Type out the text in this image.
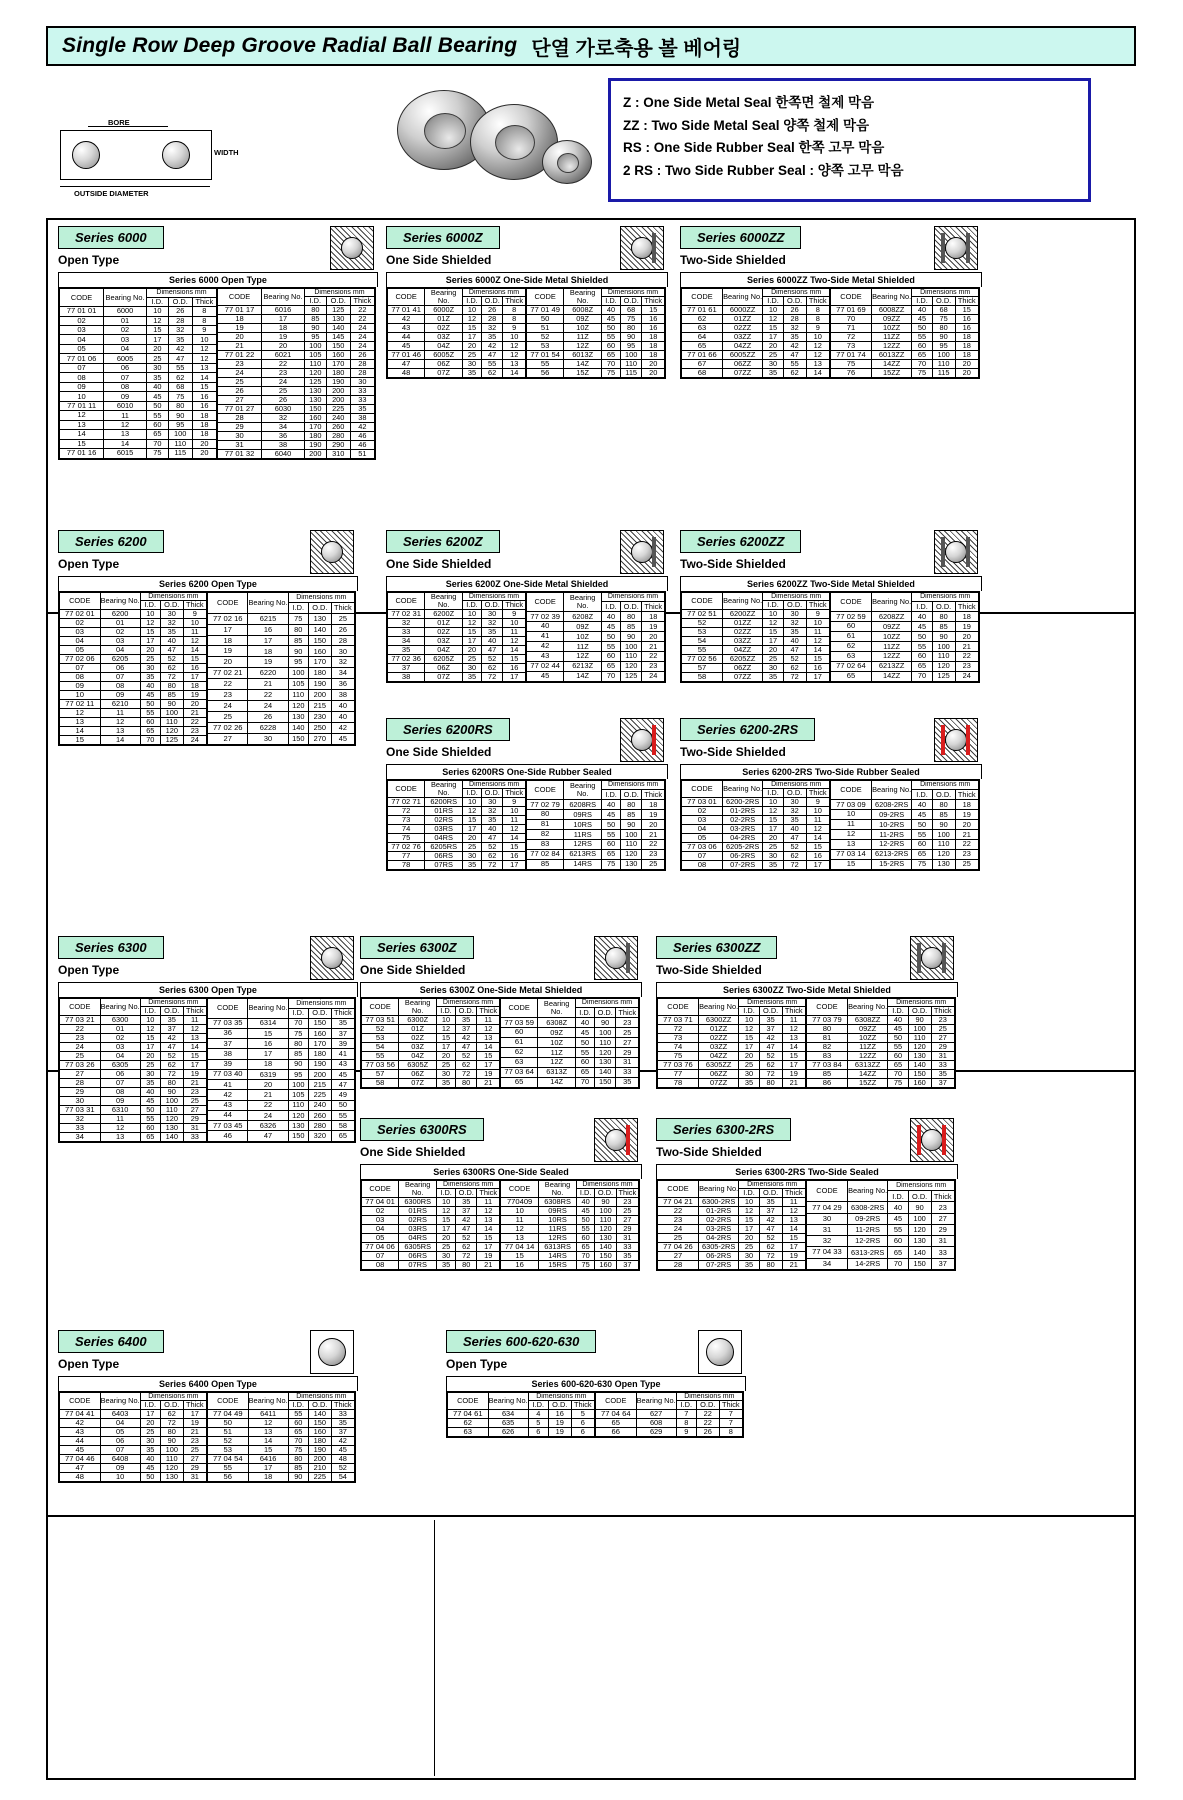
Single Row Deep Groove Radial Ball Bearing 단열 가로축용 볼 베어링
BORE
WIDTH
OUTSIDE DIAMETER
Z : One Side Metal Seal 한쪽면 철제 막음
ZZ : Two Side Metal Seal 양쪽 철제 막음
RS : One Side Rubber Seal 한쪽 고무 막음
2 RS : Two Side Rubber Seal : 양쪽 고무 막음
Series 6000
Open Type
Series 6000 Open Type
CODE	Bearing No.	Dimensions mm		
		I.D.	O.D.	Thick
77 01 01	6000	10	26	8
02	01	12	28	8
03	02	15	32	9
04	03	17	35	10
05	04	20	42	12
77 01 06	6005	25	47	12
07	06	30	55	13
08	07	35	62	14
09	08	40	68	15
10	09	45	75	16
77 01 11	6010	50	80	16
12	11	55	90	18
13	12	60	95	18
14	13	65	100	18
15	14	70	110	20
77 01 16	6015	75	115	20
CODE	Bearing No.	Dimensions mm		
		I.D.	O.D.	Thick
77 01 17	6016	80	125	22
18	17	85	130	22
19	18	90	140	24
20	19	95	145	24
21	20	100	150	24
77 01 22	6021	105	160	26
23	22	110	170	28
24	23	120	180	28
25	24	125	190	30
26	25	130	200	33
27	26	130	200	33
77 01 27	6030	150	225	35
28	32	160	240	38
29	34	170	260	42
30	36	180	280	46
31	38	190	290	46
77 01 32	6040	200	310	51
Series 6000Z
One Side Shielded
Series 6000Z One-Side Metal Shielded
CODE	Bearing No.	Dimensions mm		
		I.D.	O.D.	Thick
77 01 41	6000Z	10	26	8
42	01Z	12	28	8
43	02Z	15	32	9
44	03Z	17	35	10
45	04Z	20	42	12
77 01 46	6005Z	25	47	12
47	06Z	30	55	13
48	07Z	35	62	14
CODE	Bearing No.	Dimensions mm		
		I.D.	O.D.	Thick
77 01 49	6008Z	40	68	15
50	09Z	45	75	16
51	10Z	50	80	16
52	11Z	55	90	18
53	12Z	60	95	18
77 01 54	6013Z	65	100	18
55	14Z	70	110	20
56	15Z	75	115	20
Series 6000ZZ
Two-Side Shielded
Series 6000ZZ Two-Side Metal Shielded
CODE	Bearing No.	Dimensions mm		
		I.D.	O.D.	Thick
77 01 61	6000ZZ	10	26	8
62	01ZZ	12	28	8
63	02ZZ	15	32	9
64	03ZZ	17	35	10
65	04ZZ	20	42	12
77 01 66	6005ZZ	25	47	12
67	06ZZ	30	55	13
68	07ZZ	35	62	14
CODE	Bearing No.	Dimensions mm		
		I.D.	O.D.	Thick
77 01 69	6008ZZ	40	68	15
70	09ZZ	45	75	16
71	10ZZ	50	80	16
72	11ZZ	55	90	18
73	12ZZ	60	95	18
77 01 74	6013ZZ	65	100	18
75	14ZZ	70	110	20
76	15ZZ	75	115	20
Series 6200
Open Type
Series 6200 Open Type
CODE	Bearing No.	Dimensions mm		
		I.D.	O.D.	Thick
77 02 01	6200	10	30	9
02	01	12	32	10
03	02	15	35	11
04	03	17	40	12
05	04	20	47	14
77 02 06	6205	25	52	15
07	06	30	62	16
08	07	35	72	17
09	08	40	80	18
10	09	45	85	19
77 02 11	6210	50	90	20
12	11	55	100	21
13	12	60	110	22
14	13	65	120	23
15	14	70	125	24
CODE	Bearing No.	Dimensions mm		
		I.D.	O.D.	Thick
77 02 16	6215	75	130	25
17	16	80	140	26
18	17	85	150	28
19	18	90	160	30
20	19	95	170	32
77 02 21	6220	100	180	34
22	21	105	190	36
23	22	110	200	38
24	24	120	215	40
25	26	130	230	40
77 02 26	6228	140	250	42
27	30	150	270	45
Series 6200Z
One Side Shielded
Series 6200Z One-Side Metal Shielded
CODE	Bearing No.	Dimensions mm		
		I.D.	O.D.	Thick
77 02 31	6200Z	10	30	9
32	01Z	12	32	10
33	02Z	15	35	11
34	03Z	17	40	12
35	04Z	20	47	14
77 02 36	6205Z	25	52	15
37	06Z	30	62	16
38	07Z	35	72	17
CODE	Bearing No.	Dimensions mm		
		I.D.	O.D.	Thick
77 02 39	6208Z	40	80	18
40	09Z	45	85	19
41	10Z	50	90	20
42	11Z	55	100	21
43	12Z	60	110	22
77 02 44	6213Z	65	120	23
45	14Z	70	125	24
Series 6200ZZ
Two-Side Shielded
Series 6200ZZ Two-Side Metal Shielded
CODE	Bearing No.	Dimensions mm		
		I.D.	O.D.	Thick
77 02 51	6200ZZ	10	30	9
52	01ZZ	12	32	10
53	02ZZ	15	35	11
54	03ZZ	17	40	12
55	04ZZ	20	47	14
77 02 56	6205ZZ	25	52	15
57	06ZZ	30	62	16
58	07ZZ	35	72	17
CODE	Bearing No.	Dimensions mm		
		I.D.	O.D.	Thick
77 02 59	6208ZZ	40	80	18
60	09ZZ	45	85	19
61	10ZZ	50	90	20
62	11ZZ	55	100	21
63	12ZZ	60	110	22
77 02 64	6213ZZ	65	120	23
65	14ZZ	70	125	24
Series 6200RS
One Side Shielded
Series 6200RS One-Side Rubber Sealed
CODE	Bearing No.	Dimensions mm		
		I.D.	O.D.	Thick
77 02 71	6200RS	10	30	9
72	01RS	12	32	10
73	02RS	15	35	11
74	03RS	17	40	12
75	04RS	20	47	14
77 02 76	6205RS	25	52	15
77	06RS	30	62	16
78	07RS	35	72	17
CODE	Bearing No.	Dimensions mm		
		I.D.	O.D.	Thick
77 02 79	6208RS	40	80	18
80	09RS	45	85	19
81	10RS	50	90	20
82	11RS	55	100	21
83	12RS	60	110	22
77 02 84	6213RS	65	120	23
85	14RS	75	130	25
Series 6200-2RS
Two-Side Shielded
Series 6200-2RS Two-Side Rubber Sealed
CODE	Bearing No.	Dimensions mm		
		I.D.	O.D.	Thick
77 03 01	6200-2RS	10	30	9
02	01-2RS	12	32	10
03	02-2RS	15	35	11
04	03-2RS	17	40	12
05	04-2RS	20	47	14
77 03 06	6205-2RS	25	52	15
07	06-2RS	30	62	16
08	07-2RS	35	72	17
CODE	Bearing No.	Dimensions mm		
		I.D.	O.D.	Thick
77 03 09	6208-2RS	40	80	18
10	09-2RS	45	85	19
11	10-2RS	50	90	20
12	11-2RS	55	100	21
13	12-2RS	60	110	22
77 03 14	6213-2RS	65	120	23
15	15-2RS	75	130	25
Series 6300
Open Type
Series 6300 Open Type
CODE	Bearing No.	Dimensions mm		
		I.D.	O.D.	Thick
77 03 21	6300	10	35	11
22	01	12	37	12
23	02	15	42	13
24	03	17	47	14
25	04	20	52	15
77 03 26	6305	25	62	17
27	06	30	72	19
28	07	35	80	21
29	08	40	90	23
30	09	45	100	25
77 03 31	6310	50	110	27
32	11	55	120	29
33	12	60	130	31
34	13	65	140	33
CODE	Bearing No.	Dimensions mm		
		I.D.	O.D.	Thick
77 03 35	6314	70	150	35
36	15	75	160	37
37	16	80	170	39
38	17	85	180	41
39	18	90	190	43
77 03 40	6319	95	200	45
41	20	100	215	47
42	21	105	225	49
43	22	110	240	50
44	24	120	260	55
77 03 45	6326	130	280	58
46	47	150	320	65
Series 6300Z
One Side Shielded
Series 6300Z One-Side Metal Shielded
CODE	Bearing No.	Dimensions mm		
		I.D.	O.D.	Thick
77 03 51	6300Z	10	35	11
52	01Z	12	37	12
53	02Z	15	42	13
54	03Z	17	47	14
55	04Z	20	52	15
77 03 56	6305Z	25	62	17
57	06Z	30	72	19
58	07Z	35	80	21
CODE	Bearing No.	Dimensions mm		
		I.D.	O.D.	Thick
77 03 59	6308Z	40	90	23
60	09Z	45	100	25
61	10Z	50	110	27
62	11Z	55	120	29
63	12Z	60	130	31
77 03 64	6313Z	65	140	33
65	14Z	70	150	35
Series 6300ZZ
Two-Side Shielded
Series 6300ZZ Two-Side Metal Shielded
CODE	Bearing No.	Dimensions mm		
		I.D.	O.D.	Thick
77 03 71	6300ZZ	10	35	11
72	01ZZ	12	37	12
73	02ZZ	15	42	13
74	03ZZ	17	47	14
75	04ZZ	20	52	15
77 03 76	6305ZZ	25	62	17
77	06ZZ	30	72	19
78	07ZZ	35	80	21
CODE	Bearing No.	Dimensions mm		
		I.D.	O.D.	Thick
77 03 79	6308ZZ	40	90	23
80	09ZZ	45	100	25
81	10ZZ	50	110	27
82	11ZZ	55	120	29
83	12ZZ	60	130	31
77 03 84	6313ZZ	65	140	33
85	14ZZ	70	150	35
86	15ZZ	75	160	37
Series 6300RS
One Side Shielded
Series 6300RS One-Side Sealed
CODE	Bearing No.	Dimensions mm		
		I.D.	O.D.	Thick
77 04 01	6300RS	10	35	11
02	01RS	12	37	12
03	02RS	15	42	13
04	03RS	17	47	14
05	04RS	20	52	15
77 04 06	6305RS	25	62	17
07	06RS	30	72	19
08	07RS	35	80	21
CODE	Bearing No.	Dimensions mm		
		I.D.	O.D.	Thick
770409	6308RS	40	90	23
10	09RS	45	100	25
11	10RS	50	110	27
12	11RS	55	120	29
13	12RS	60	130	31
77 04 14	6313RS	65	140	33
15	14RS	70	150	35
16	15RS	75	160	37
Series 6300-2RS
Two-Side Shielded
Series 6300-2RS Two-Side Sealed
CODE	Bearing No.	Dimensions mm		
		I.D.	O.D.	Thick
77 04 21	6300-2RS	10	35	11
22	01-2RS	12	37	12
23	02-2RS	15	42	13
24	03-2RS	17	47	14
25	04-2RS	20	52	15
77 04 26	6305-2RS	25	62	17
27	06-2RS	30	72	19
28	07-2RS	35	80	21
CODE	Bearing No.	Dimensions mm		
		I.D.	O.D.	Thick
77 04 29	6308-2RS	40	90	23
30	09-2RS	45	100	27
31	11-2RS	55	120	29
32	12-2RS	60	130	31
77 04 33	6313-2RS	65	140	33
34	14-2RS	70	150	37
Series 6400
Open Type
Series 6400 Open Type
CODE	Bearing No.	Dimensions mm		
		I.D.	O.D.	Thick
77 04 41	6403	17	62	17
42	04	20	72	19
43	05	25	80	21
44	06	30	90	23
45	07	35	100	25
77 04 46	6408	40	110	27
47	09	45	120	29
48	10	50	130	31
CODE	Bearing No.	Dimensions mm		
		I.D.	O.D.	Thick
77 04 49	6411	55	140	33
50	12	60	150	35
51	13	65	160	37
52	14	70	180	42
53	15	75	190	45
77 04 54	6416	80	200	48
55	17	85	210	52
56	18	90	225	54
Series 600-620-630
Open Type
Series 600-620-630 Open Type
CODE	Bearing No.	Dimensions mm		
		I.D.	O.D.	Thick
77 04 61	634	4	16	5
62	635	5	19	6
63	626	6	19	6
CODE	Bearing No.	Dimensions mm		
		I.D.	O.D.	Thick
77 04 64	627	7	22	7
65	608	8	22	7
66	629	9	26	8
